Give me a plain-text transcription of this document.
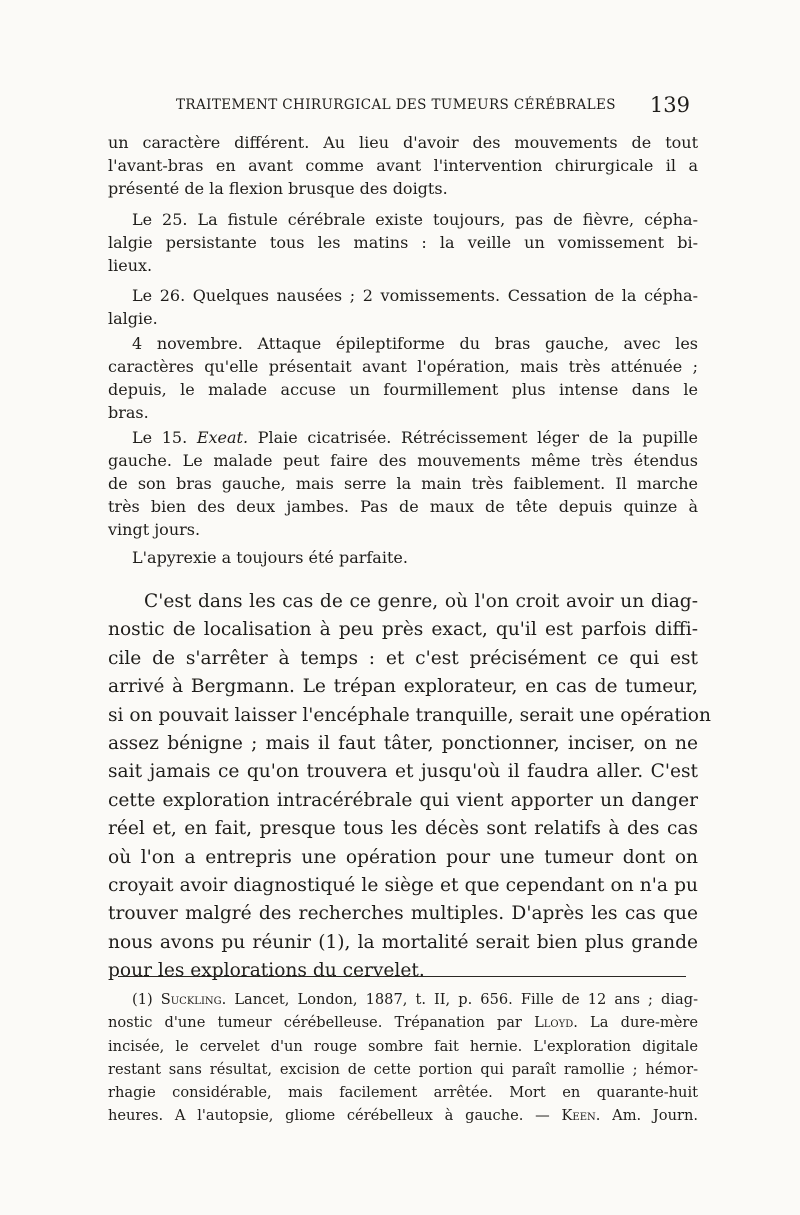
TRAITEMENT CHIRURGICAL DES TUMEURS CÉRÉBRALES 139
un caractère différent. Au lieu d'avoir des mouvements de tout
l'avant-bras en avant comme avant l'intervention chirurgicale il a
présenté de la flexion brusque des doigts.
Le 25. La fistule cérébrale existe toujours, pas de fièvre, cépha-
lalgie persistante tous les matins : la veille un vomissement bi-
lieux.
Le 26. Quelques nausées ; 2 vomissements. Cessation de la cépha-
lalgie.
4 novembre. Attaque épileptiforme du bras gauche, avec les
caractères qu'elle présentait avant l'opération, mais très atténuée ;
depuis, le malade accuse un fourmillement plus intense dans le
bras.
Le 15. Exeat. Plaie cicatrisée. Rétrécissement léger de la pupille
gauche. Le malade peut faire des mouvements même très étendus
de son bras gauche, mais serre la main très faiblement. Il marche
très bien des deux jambes. Pas de maux de tête depuis quinze à
vingt jours.
L'apyrexie a toujours été parfaite.
C'est dans les cas de ce genre, où l'on croit avoir un diag-
nostic de localisation à peu près exact, qu'il est parfois diffi-
cile de s'arrêter à temps : et c'est précisément ce qui est
arrivé à Bergmann. Le trépan explorateur, en cas de tumeur,
si on pouvait laisser l'encéphale tranquille, serait une opération
assez bénigne ; mais il faut tâter, ponctionner, inciser, on ne
sait jamais ce qu'on trouvera et jusqu'où il faudra aller. C'est
cette exploration intracérébrale qui vient apporter un danger
réel et, en fait, presque tous les décès sont relatifs à des cas
où l'on a entrepris une opération pour une tumeur dont on
croyait avoir diagnostiqué le siège et que cependant on n'a pu
trouver malgré des recherches multiples. D'après les cas que
nous avons pu réunir (1), la mortalité serait bien plus grande
pour les explorations du cervelet.
(1) Suckling. Lancet, London, 1887, t. II, p. 656. Fille de 12 ans ; diag-
nostic d'une tumeur cérébelleuse. Trépanation par Lloyd. La dure-mère
incisée, le cervelet d'un rouge sombre fait hernie. L'exploration digitale
restant sans résultat, excision de cette portion qui paraît ramollie ; hémor-
rhagie considérable, mais facilement arrêtée. Mort en quarante-huit
heures. A l'autopsie, gliome cérébelleux à gauche. — Keen. Am. Journ.
